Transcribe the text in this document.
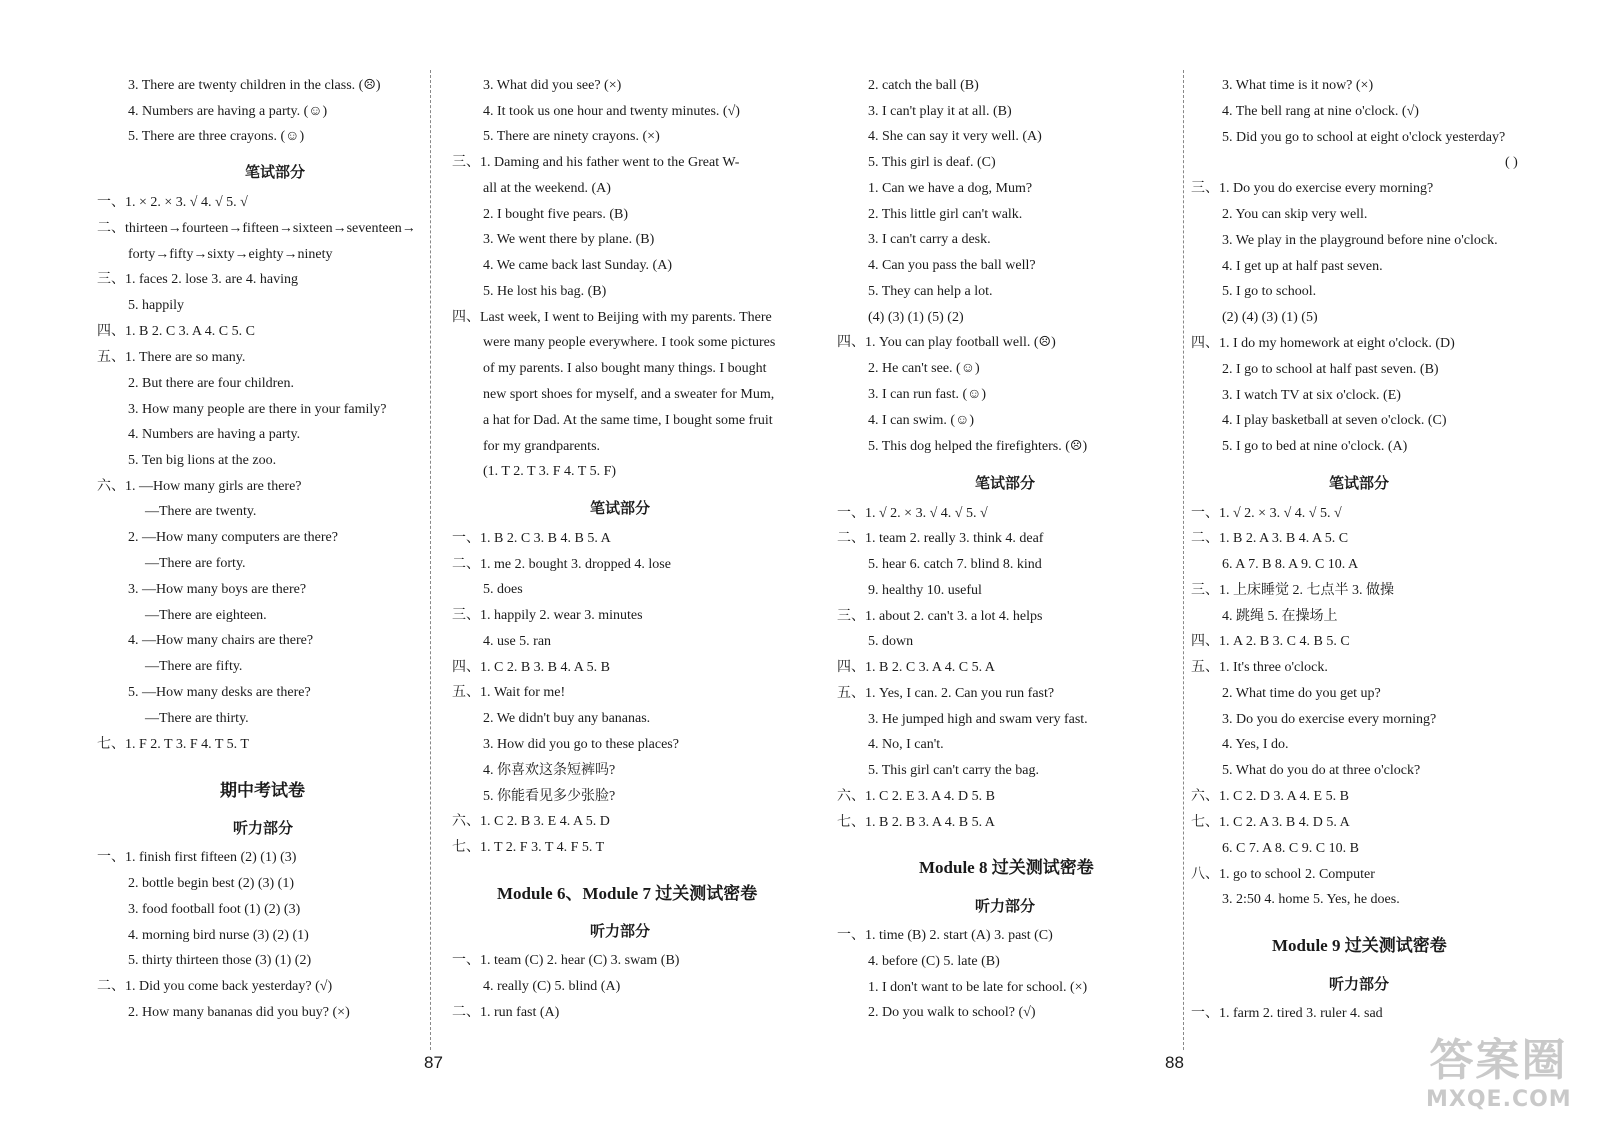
3. There are twenty children in the class. (☹)
4. Numbers are having a party. (☺)
5. There are three crayons. (☺)
笔试部分
一、1. × 2. × 3. √ 4. √ 5. √
二、thirteen→fourteen→fifteen→sixteen→seventeen→
forty→fifty→sixty→eighty→ninety
三、1. faces 2. lose 3. are 4. having
5. happily
四、1. B 2. C 3. A 4. C 5. C
五、1. There are so many.
2. But there are four children.
3. How many people are there in your family?
4. Numbers are having a party.
5. Ten big lions at the zoo.
六、1. —How many girls are there?
—There are twenty.
2. —How many computers are there?
—There are forty.
3. —How many boys are there?
—There are eighteen.
4. —How many chairs are there?
—There are fifty.
5. —How many desks are there?
—There are thirty.
七、1. F 2. T 3. F 4. T 5. T
期中考试卷
听力部分
一、1. finish first fifteen (2) (1) (3)
2. bottle begin best (2) (3) (1)
3. food football foot (1) (2) (3)
4. morning bird nurse (3) (2) (1)
5. thirty thirteen those (3) (1) (2)
二、1. Did you come back yesterday? (√)
2. How many bananas did you buy? (×)
3. What did you see? (×)
4. It took us one hour and twenty minutes. (√)
5. There are ninety crayons. (×)
三、1. Daming and his father went to the Great W-
all at the weekend. (A)
2. I bought five pears. (B)
3. We went there by plane. (B)
4. We came back last Sunday. (A)
5. He lost his bag. (B)
四、Last week, I went to Beijing with my parents. There
were many people everywhere. I took some pictures
of my parents. I also bought many things. I bought
new sport shoes for myself, and a sweater for Mum,
a hat for Dad. At the same time, I bought some fruit
for my grandparents.
(1. T 2. T 3. F 4. T 5. F)
笔试部分
一、1. B 2. C 3. B 4. B 5. A
二、1. me 2. bought 3. dropped 4. lose
5. does
三、1. happily 2. wear 3. minutes
4. use 5. ran
四、1. C 2. B 3. B 4. A 5. B
五、1. Wait for me!
2. We didn't buy any bananas.
3. How did you go to these places?
4. 你喜欢这条短裤吗?
5. 你能看见多少张脸?
六、1. C 2. B 3. E 4. A 5. D
七、1. T 2. F 3. T 4. F 5. T
Module 6、Module 7 过关测试密卷
听力部分
一、1. team (C) 2. hear (C) 3. swam (B)
4. really (C) 5. blind (A)
二、1. run fast (A)
2. catch the ball (B)
3. I can't play it at all. (B)
4. She can say it very well. (A)
5. This girl is deaf. (C)
1. Can we have a dog, Mum?
2. This little girl can't walk.
3. I can't carry a desk.
4. Can you pass the ball well?
5. They can help a lot.
(4) (3) (1) (5) (2)
四、1. You can play football well. (☹)
2. He can't see. (☺)
3. I can run fast. (☺)
4. I can swim. (☺)
5. This dog helped the firefighters. (☹)
笔试部分
一、1. √ 2. × 3. √ 4. √ 5. √
二、1. team 2. really 3. think 4. deaf
5. hear 6. catch 7. blind 8. kind
9. healthy 10. useful
三、1. about 2. can't 3. a lot 4. helps
5. down
四、1. B 2. C 3. A 4. C 5. A
五、1. Yes, I can. 2. Can you run fast?
3. He jumped high and swam very fast.
4. No, I can't.
5. This girl can't carry the bag.
六、1. C 2. E 3. A 4. D 5. B
七、1. B 2. B 3. A 4. B 5. A
Module 8 过关测试密卷
听力部分
一、1. time (B) 2. start (A) 3. past (C)
4. before (C) 5. late (B)
1. I don't want to be late for school. (×)
2. Do you walk to school? (√)
3. What time is it now? (×)
4. The bell rang at nine o'clock. (√)
5. Did you go to school at eight o'clock yesterday?
( )
三、1. Do you do exercise every morning?
2. You can skip very well.
3. We play in the playground before nine o'clock.
4. I get up at half past seven.
5. I go to school.
(2) (4) (3) (1) (5)
四、1. I do my homework at eight o'clock. (D)
2. I go to school at half past seven. (B)
3. I watch TV at six o'clock. (E)
4. I play basketball at seven o'clock. (C)
5. I go to bed at nine o'clock. (A)
笔试部分
一、1. √ 2. × 3. √ 4. √ 5. √
二、1. B 2. A 3. B 4. A 5. C
6. A 7. B 8. A 9. C 10. A
三、1. 上床睡觉 2. 七点半 3. 做操
4. 跳绳 5. 在操场上
四、1. A 2. B 3. C 4. B 5. C
五、1. It's three o'clock.
2. What time do you get up?
3. Do you do exercise every morning?
4. Yes, I do.
5. What do you do at three o'clock?
六、1. C 2. D 3. A 4. E 5. B
七、1. C 2. A 3. B 4. D 5. A
6. C 7. A 8. C 9. C 10. B
八、1. go to school 2. Computer
3. 2:50 4. home 5. Yes, he does.
Module 9 过关测试密卷
听力部分
一、1. farm 2. tired 3. ruler 4. sad
87	88	答案圈
MXQE.COM
